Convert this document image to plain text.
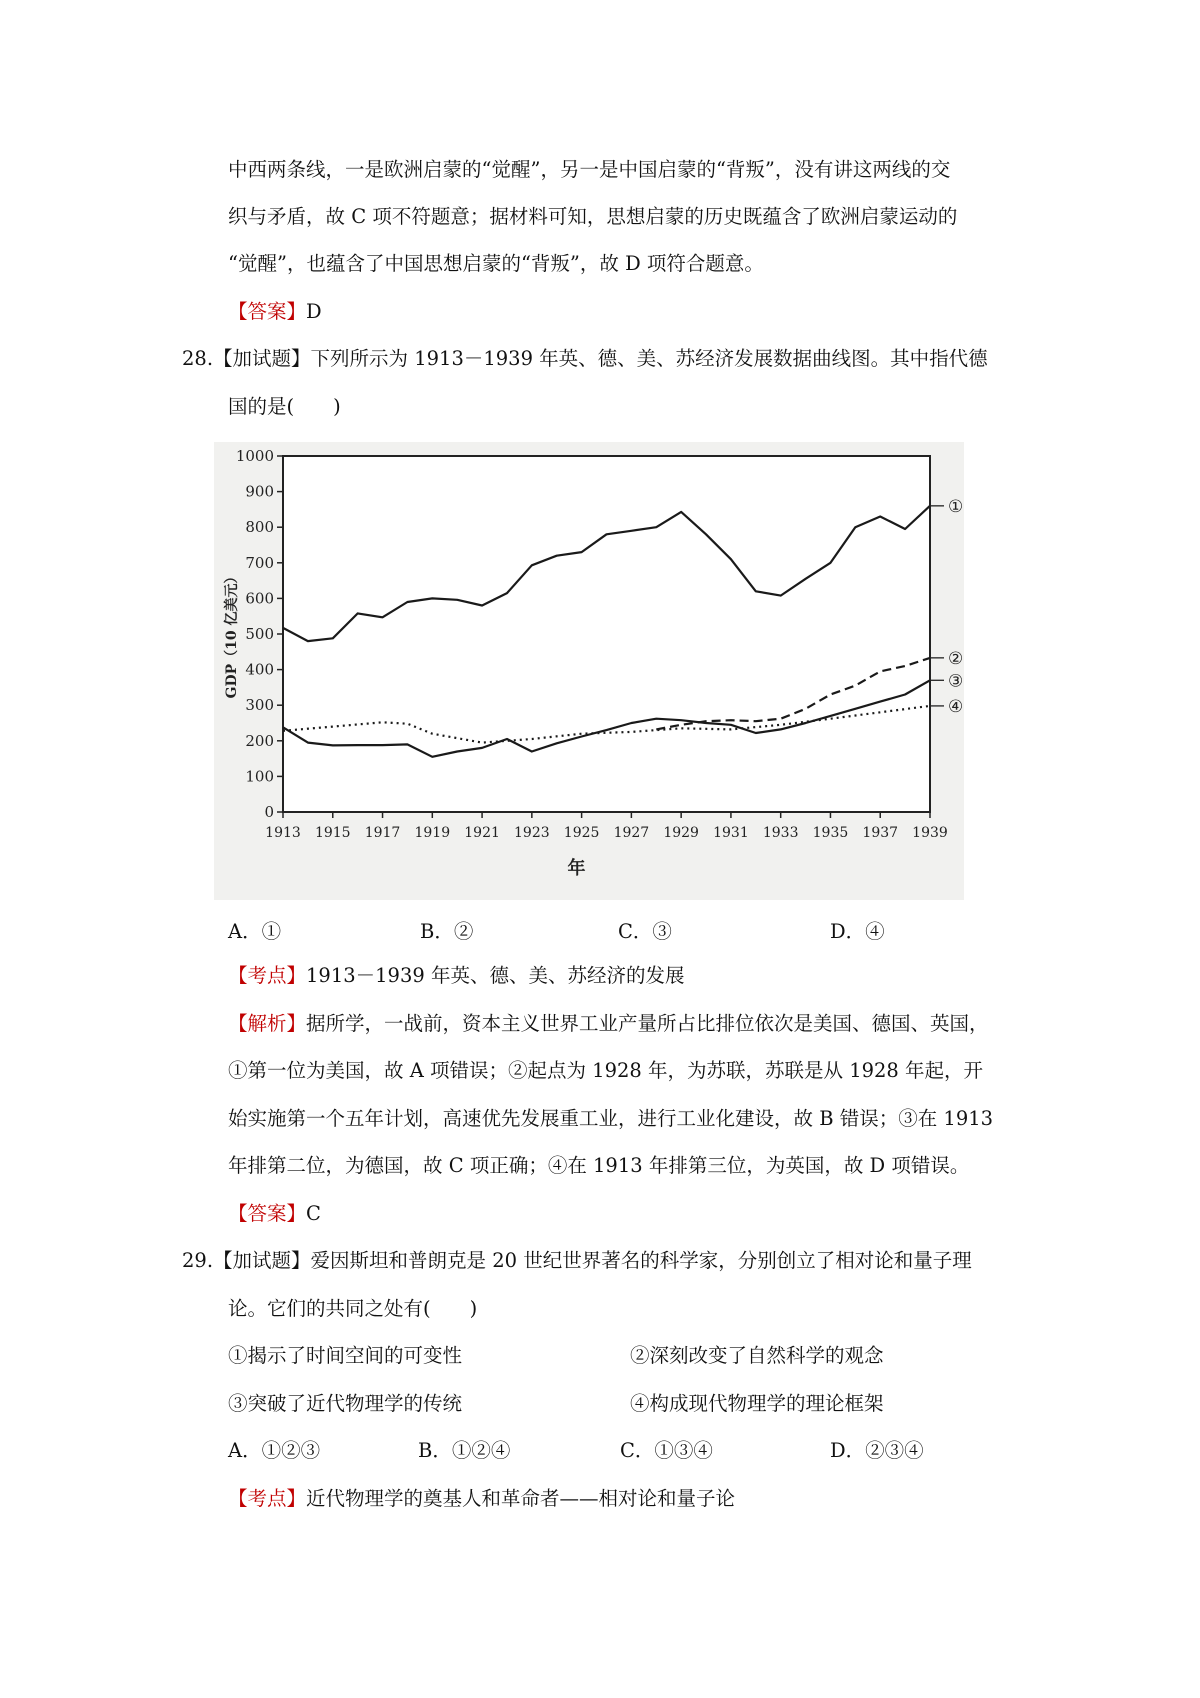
中西两条线，一是欧洲启蒙的“觉醒”，另一是中国启蒙的“背叛”，没有讲这两线的交
织与矛盾，故 C 项不符题意；据材料可知，思想启蒙的历史既蕴含了欧洲启蒙运动的
“觉醒”，也蕴含了中国思想启蒙的“背叛”，故 D 项符合题意。
【答案】D
28.【加试题】下列所示为 1913－1939 年英、德、美、苏经济发展数据曲线图。其中指代德
国的是(　　)
0
100
200
300
400
500
600
700
800
900
1000
1913 1915 1917 1919 1921 1923 1925 1927 1929 1931 1933 1935 1937 1939
GDP（10 亿美元）
年
①
②
③
④
A．①	B．②	C．③	D．④
【考点】1913－1939 年英、德、美、苏经济的发展
【解析】据所学，一战前，资本主义世界工业产量所占比排位依次是美国、德国、英国，
①第一位为美国，故 A 项错误；②起点为 1928 年，为苏联，苏联是从 1928 年起，开
始实施第一个五年计划，高速优先发展重工业，进行工业化建设，故 B 错误；③在 1913
年排第二位，为德国，故 C 项正确；④在 1913 年排第三位，为英国，故 D 项错误。
【答案】C
29.【加试题】爱因斯坦和普朗克是 20 世纪世界著名的科学家，分别创立了相对论和量子理
论。它们的共同之处有(　　)
①揭示了时间空间的可变性	②深刻改变了自然科学的观念
③突破了近代物理学的传统	④构成现代物理学的理论框架
A．①②③	B．①②④	C．①③④	D．②③④
【考点】近代物理学的奠基人和革命者——相对论和量子论
